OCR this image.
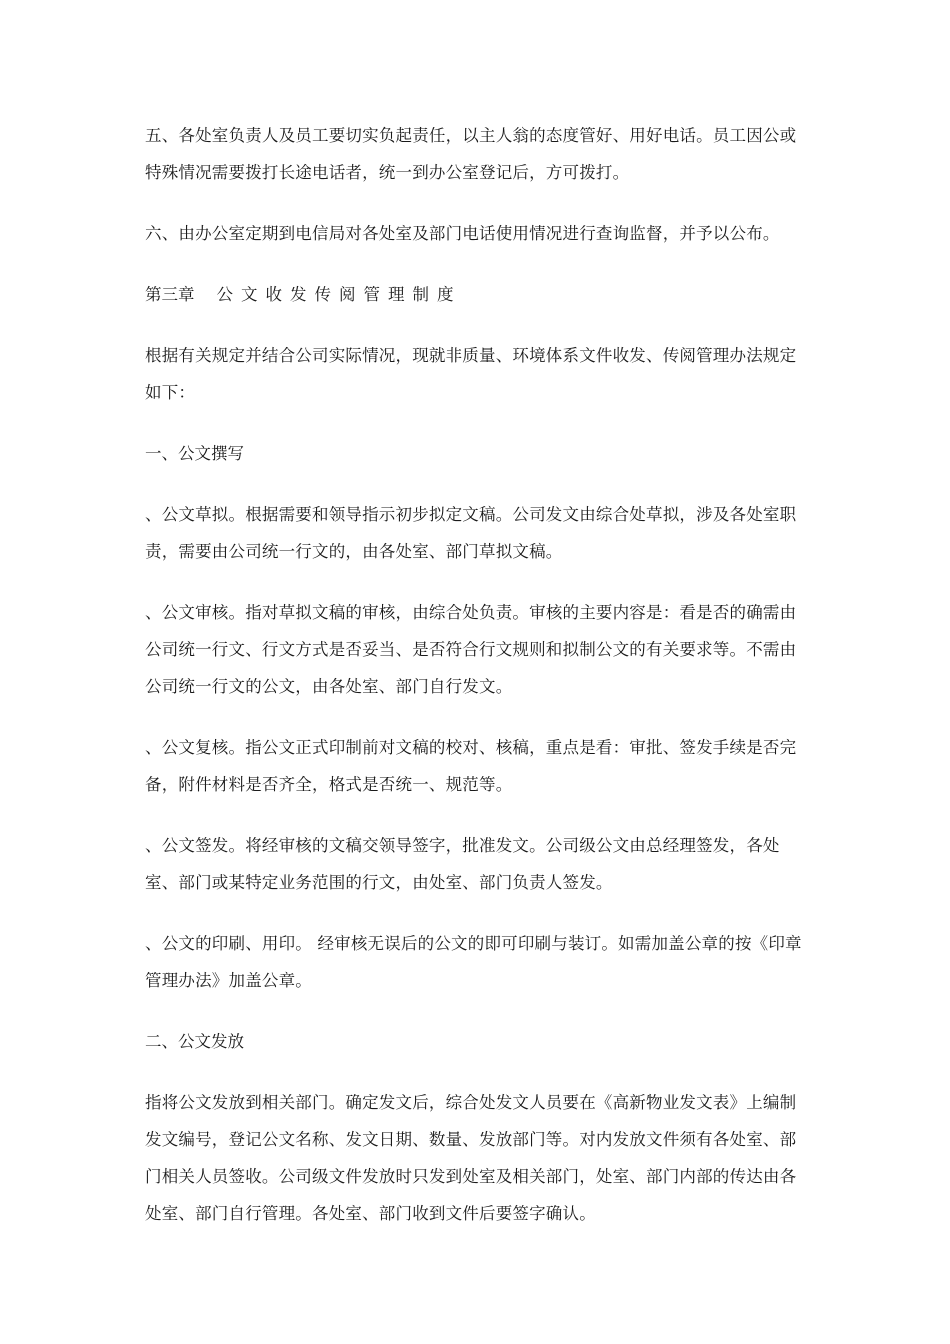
五、各处室负责人及员工要切实负起责任，以主人翁的态度管好、用好电话。员工因公或特殊情况需要拨打长途电话者，统一到办公室登记后，方可拨打。

六、由办公室定期到电信局对各处室及部门电话使用情况进行查询监督，并予以公布。

第三章 公文收发传阅管理制度

根据有关规定并结合公司实际情况，现就非质量、环境体系文件收发、传阅管理办法规定如下：

一、公文撰写

、公文草拟。根据需要和领导指示初步拟定文稿。公司发文由综合处草拟，涉及各处室职责，需要由公司统一行文的，由各处室、部门草拟文稿。

、公文审核。指对草拟文稿的审核，由综合处负责。审核的主要内容是：看是否的确需由公司统一行文、行文方式是否妥当、是否符合行文规则和拟制公文的有关要求等。不需由公司统一行文的公文，由各处室、部门自行发文。

、公文复核。指公文正式印制前对文稿的校对、核稿，重点是看：审批、签发手续是否完备，附件材料是否齐全，格式是否统一、规范等。

、公文签发。将经审核的文稿交领导签字，批准发文。公司级公文由总经理签发，各处室、部门或某特定业务范围的行文，由处室、部门负责人签发。

、公文的印刷、用印。 经审核无误后的公文的即可印刷与装订。如需加盖公章的按《印章管理办法》加盖公章。

二、公文发放

指将公文发放到相关部门。确定发文后，综合处发文人员要在《高新物业发文表》上编制发文编号，登记公文名称、发文日期、数量、发放部门等。对内发放文件须有各处室、部门相关人员签收。公司级文件发放时只发到处室及相关部门，处室、部门内部的传达由各处室、部门自行管理。各处室、部门收到文件后要签字确认。
